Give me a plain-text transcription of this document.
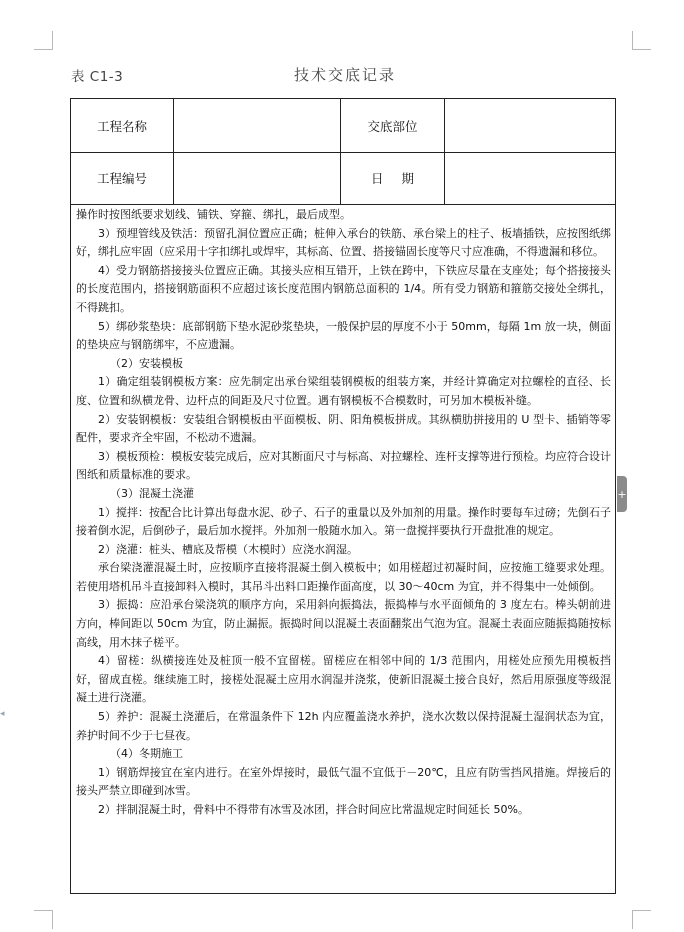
表 C1-3	技术交底记录
工程名称	交底部位
工程编号	日期

操作时按图纸要求划线、铺铁、穿箍、绑扎，最后成型。

3）预埋管线及铁活：预留孔洞位置应正确；桩伸入承台的铁筋、承台梁上的柱子、板墙插铁，应按图纸绑好，绑扎应牢固（应采用十字扣绑扎或焊牢，其标高、位置、搭接锚固长度等尺寸应准确，不得遗漏和移位。

4）受力钢筋搭接接头位置应正确。其接头应相互错开，上铁在跨中，下铁应尽量在支座处；每个搭接接头的长度范围内，搭接钢筋面积不应超过该长度范围内钢筋总面积的 1/4。所有受力钢筋和箍筋交接处全绑扎，不得跳扣。

5）绑砂浆垫块：底部钢筋下垫水泥砂浆垫块，一般保护层的厚度不小于 50mm，每隔 1m 放一块，侧面的垫块应与钢筋绑牢，不应遗漏。

（2）安装模板

1）确定组装钢模板方案：应先制定出承台梁组装钢模板的组装方案，并经计算确定对拉螺栓的直径、长度、位置和纵横龙骨、边杆点的间距及尺寸位置。遇有钢模板不合模数时，可另加木模板补缝。

2）安装钢模板：安装组合钢模板由平面模板、阴、阳角模板拼成。其纵横肋拼接用的 U 型卡、插销等零配件，要求齐全牢固，不松动不遗漏。

3）模板预检：模板安装完成后，应对其断面尺寸与标高、对拉螺栓、连杆支撑等进行预检。均应符合设计图纸和质量标准的要求。

（3）混凝土浇灌

1）搅拌：按配合比计算出每盘水泥、砂子、石子的重量以及外加剂的用量。操作时要每车过磅；先倒石子接着倒水泥，后倒砂子，最后加水搅拌。外加剂一般随水加入。第一盘搅拌要执行开盘批准的规定。

2）浇灌：桩头、槽底及帮模（木模时）应浇水润湿。

承台梁浇灌混凝土时，应按顺序直接将混凝土倒入模板中；如用槎超过初凝时间，应按施工缝要求处理。若使用塔机吊斗直接卸料入模时，其吊斗出料口距操作面高度，以 30～40cm 为宜，并不得集中一处倾倒。

3）振捣：应沿承台梁浇筑的顺序方向，采用斜向振捣法，振捣棒与水平面倾角的 3 度左右。棒头朝前进方向，棒间距以 50cm 为宜，防止漏振。振捣时间以混凝土表面翻浆出气泡为宜。混凝土表面应随振捣随按标高线，用木抹子槎平。

4）留槎：纵横接连处及桩顶一般不宜留槎。留槎应在相邻中间的 1/3 范围内，用槎处应预先用模板挡好，留成直槎。继续施工时，接槎处混凝土应用水润湿并浇浆，使新旧混凝土接合良好，然后用原强度等级混凝土进行浇灌。

5）养护：混凝土浇灌后，在常温条件下 12h 内应覆盖浇水养护，浇水次数以保持混凝土湿润状态为宜，养护时间不少于七昼夜。

（4）冬期施工

1）钢筋焊接宜在室内进行。在室外焊接时，最低气温不宜低于－20℃，且应有防雪挡风措施。焊接后的接头严禁立即碰到冰雪。

2）拌制混凝土时，骨料中不得带有冰雪及冰团，拌合时间应比常温规定时间延长 50%。

+
◂
